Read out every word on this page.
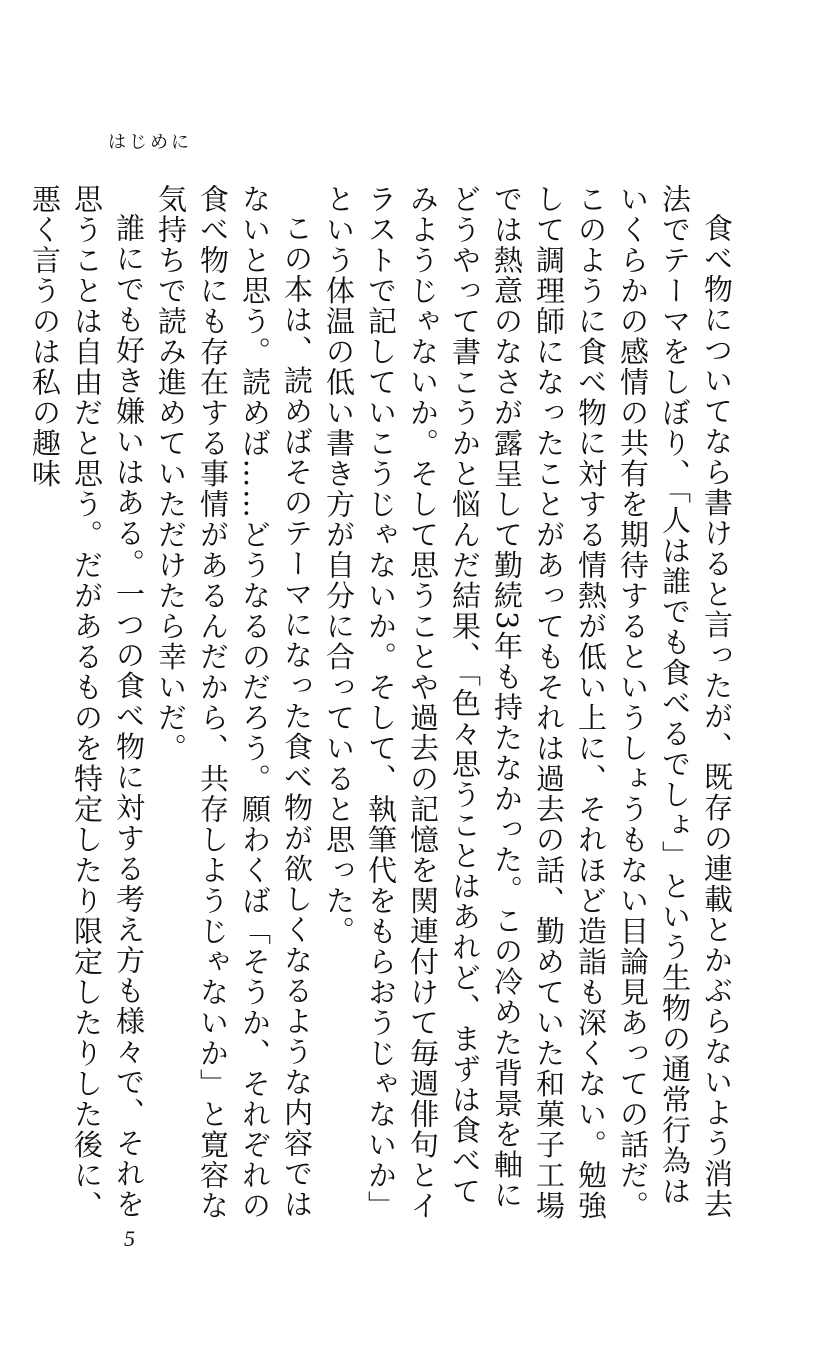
はじめに

食べ物についてなら書けると言ったが、既存の連載とかぶらないよう消去法でテーマをしぼり、「人は誰でも食べるでしょ」という生物の通常行為はいくらかの感情の共有を期待するというしょうもない目論見あっての話だ。このように食べ物に対する情熱が低い上に、それほど造詣も深くない。勉強して調理師になったことがあってもそれは過去の話、勤めていた和菓子工場では熱意のなさが露呈して勤続3年も持たなかった。この冷めた背景を軸にどうやって書こうかと悩んだ結果、「色々思うことはあれど、まずは食べてみようじゃないか。そして思うことや過去の記憶を関連付けて毎週俳句とイラストで記していこうじゃないか。そして、執筆代をもらおうじゃないか」という体温の低い書き方が自分に合っていると思った。

この本は、読めばそのテーマになった食べ物が欲しくなるような内容ではないと思う。読めば……どうなるのだろう。願わくば「そうか、それぞれの食べ物にも存在する事情があるんだから、共存しようじゃないか」と寛容な気持ちで読み進めていただけたら幸いだ。

誰にでも好き嫌いはある。一つの食べ物に対する考え方も様々で、それを思うことは自由だと思う。だがあるものを特定したり限定したりした後に、悪く言うのは私の趣味

5
